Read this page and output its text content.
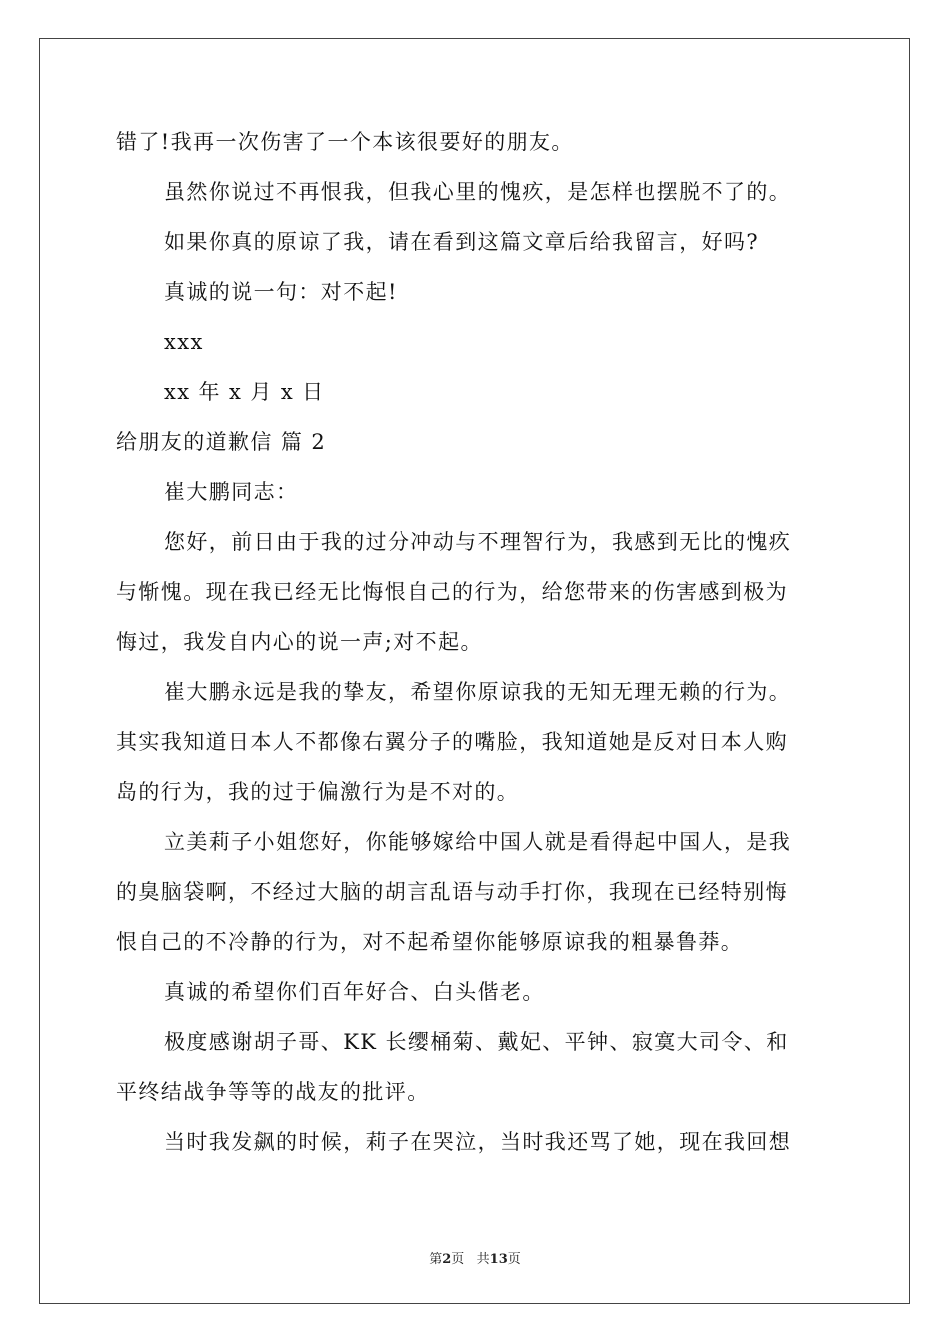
错了!我再一次伤害了一个本该很要好的朋友。
虽然你说过不再恨我，但我心里的愧疚，是怎样也摆脱不了的。
如果你真的原谅了我，请在看到这篇文章后给我留言，好吗?
真诚的说一句：对不起!
xxx
xx 年 x 月 x 日
给朋友的道歉信 篇 2
崔大鹏同志：
您好，前日由于我的过分冲动与不理智行为，我感到无比的愧疚
与惭愧。现在我已经无比悔恨自己的行为，给您带来的伤害感到极为
悔过，我发自内心的说一声;对不起。
崔大鹏永远是我的挚友，希望你原谅我的无知无理无赖的行为。
其实我知道日本人不都像右翼分子的嘴脸，我知道她是反对日本人购
岛的行为，我的过于偏激行为是不对的。
立美莉子小姐您好，你能够嫁给中国人就是看得起中国人，是我
的臭脑袋啊，不经过大脑的胡言乱语与动手打你，我现在已经特别悔
恨自己的不冷静的行为，对不起希望你能够原谅我的粗暴鲁莽。
真诚的希望你们百年好合、白头偕老。
极度感谢胡子哥、KK 长缨桶菊、戴妃、平钟、寂寞大司令、和
平终结战争等等的战友的批评。
当时我发飙的时候，莉子在哭泣，当时我还骂了她，现在我回想
第2页   共13页
